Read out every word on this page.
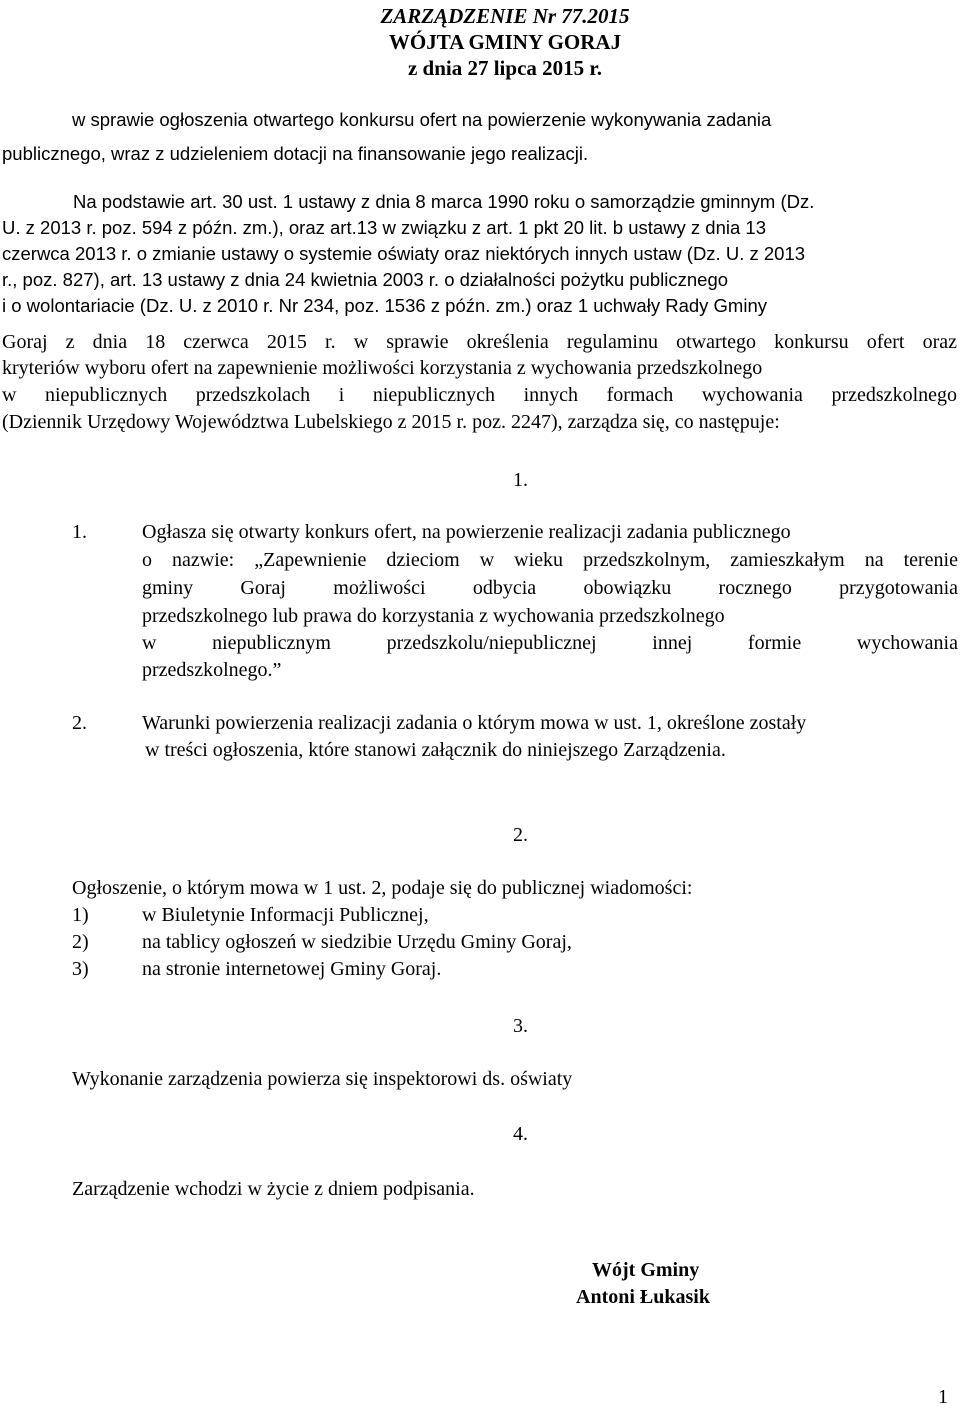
ZARZĄDZENIE Nr 77.2015
WÓJTA GMINY GORAJ
z dnia 27 lipca 2015 r.
w sprawie ogłoszenia otwartego konkursu ofert na powierzenie wykonywania zadania
publicznego, wraz z udzieleniem dotacji na finansowanie jego realizacji.
Na podstawie art. 30 ust. 1 ustawy z dnia 8 marca 1990 roku o samorządzie gminnym (Dz.
U. z 2013 r. poz. 594 z późn. zm.), oraz art.13 w związku z art. 1 pkt 20 lit. b ustawy z dnia 13
czerwca 2013 r. o zmianie ustawy o systemie oświaty oraz niektórych innych ustaw (Dz. U. z 2013
r., poz. 827), art. 13 ustawy z dnia 24 kwietnia 2003 r. o działalności pożytku publicznego
i o wolontariacie (Dz. U. z 2010 r. Nr 234, poz. 1536 z późn. zm.) oraz 1 uchwały Rady Gminy
Goraj z dnia 18 czerwca 2015 r. w sprawie określenia regulaminu otwartego konkursu ofert oraz
kryteriów wyboru ofert na zapewnienie możliwości korzystania z wychowania przedszkolnego
w niepublicznych przedszkolach i niepublicznych innych formach wychowania przedszkolnego
(Dziennik Urzędowy Województwa Lubelskiego z 2015 r. poz. 2247), zarządza się, co następuje:
1.
1.	Ogłasza się otwarty konkurs ofert, na powierzenie realizacji zadania publicznego
o nazwie: „Zapewnienie dzieciom w wieku przedszkolnym, zamieszkałym na terenie
gminy Goraj możliwości odbycia obowiązku rocznego przygotowania
przedszkolnego lub prawa do korzystania z wychowania przedszkolnego
w niepublicznym przedszkolu/niepublicznej innej formie wychowania
przedszkolnego.”
2.	Warunki powierzenia realizacji zadania o którym mowa w ust. 1, określone zostały
w treści ogłoszenia, które stanowi załącznik do niniejszego Zarządzenia.
2.
Ogłoszenie, o którym mowa w 1 ust. 2, podaje się do publicznej wiadomości:
1)	w Biuletynie Informacji Publicznej,
2)	na tablicy ogłoszeń w siedzibie Urzędu Gminy Goraj,
3)	na stronie internetowej Gminy Goraj.
3.
Wykonanie zarządzenia powierza się inspektorowi ds. oświaty
4.
Zarządzenie wchodzi w życie z dniem podpisania.
Wójt Gminy
Antoni Łukasik
1
